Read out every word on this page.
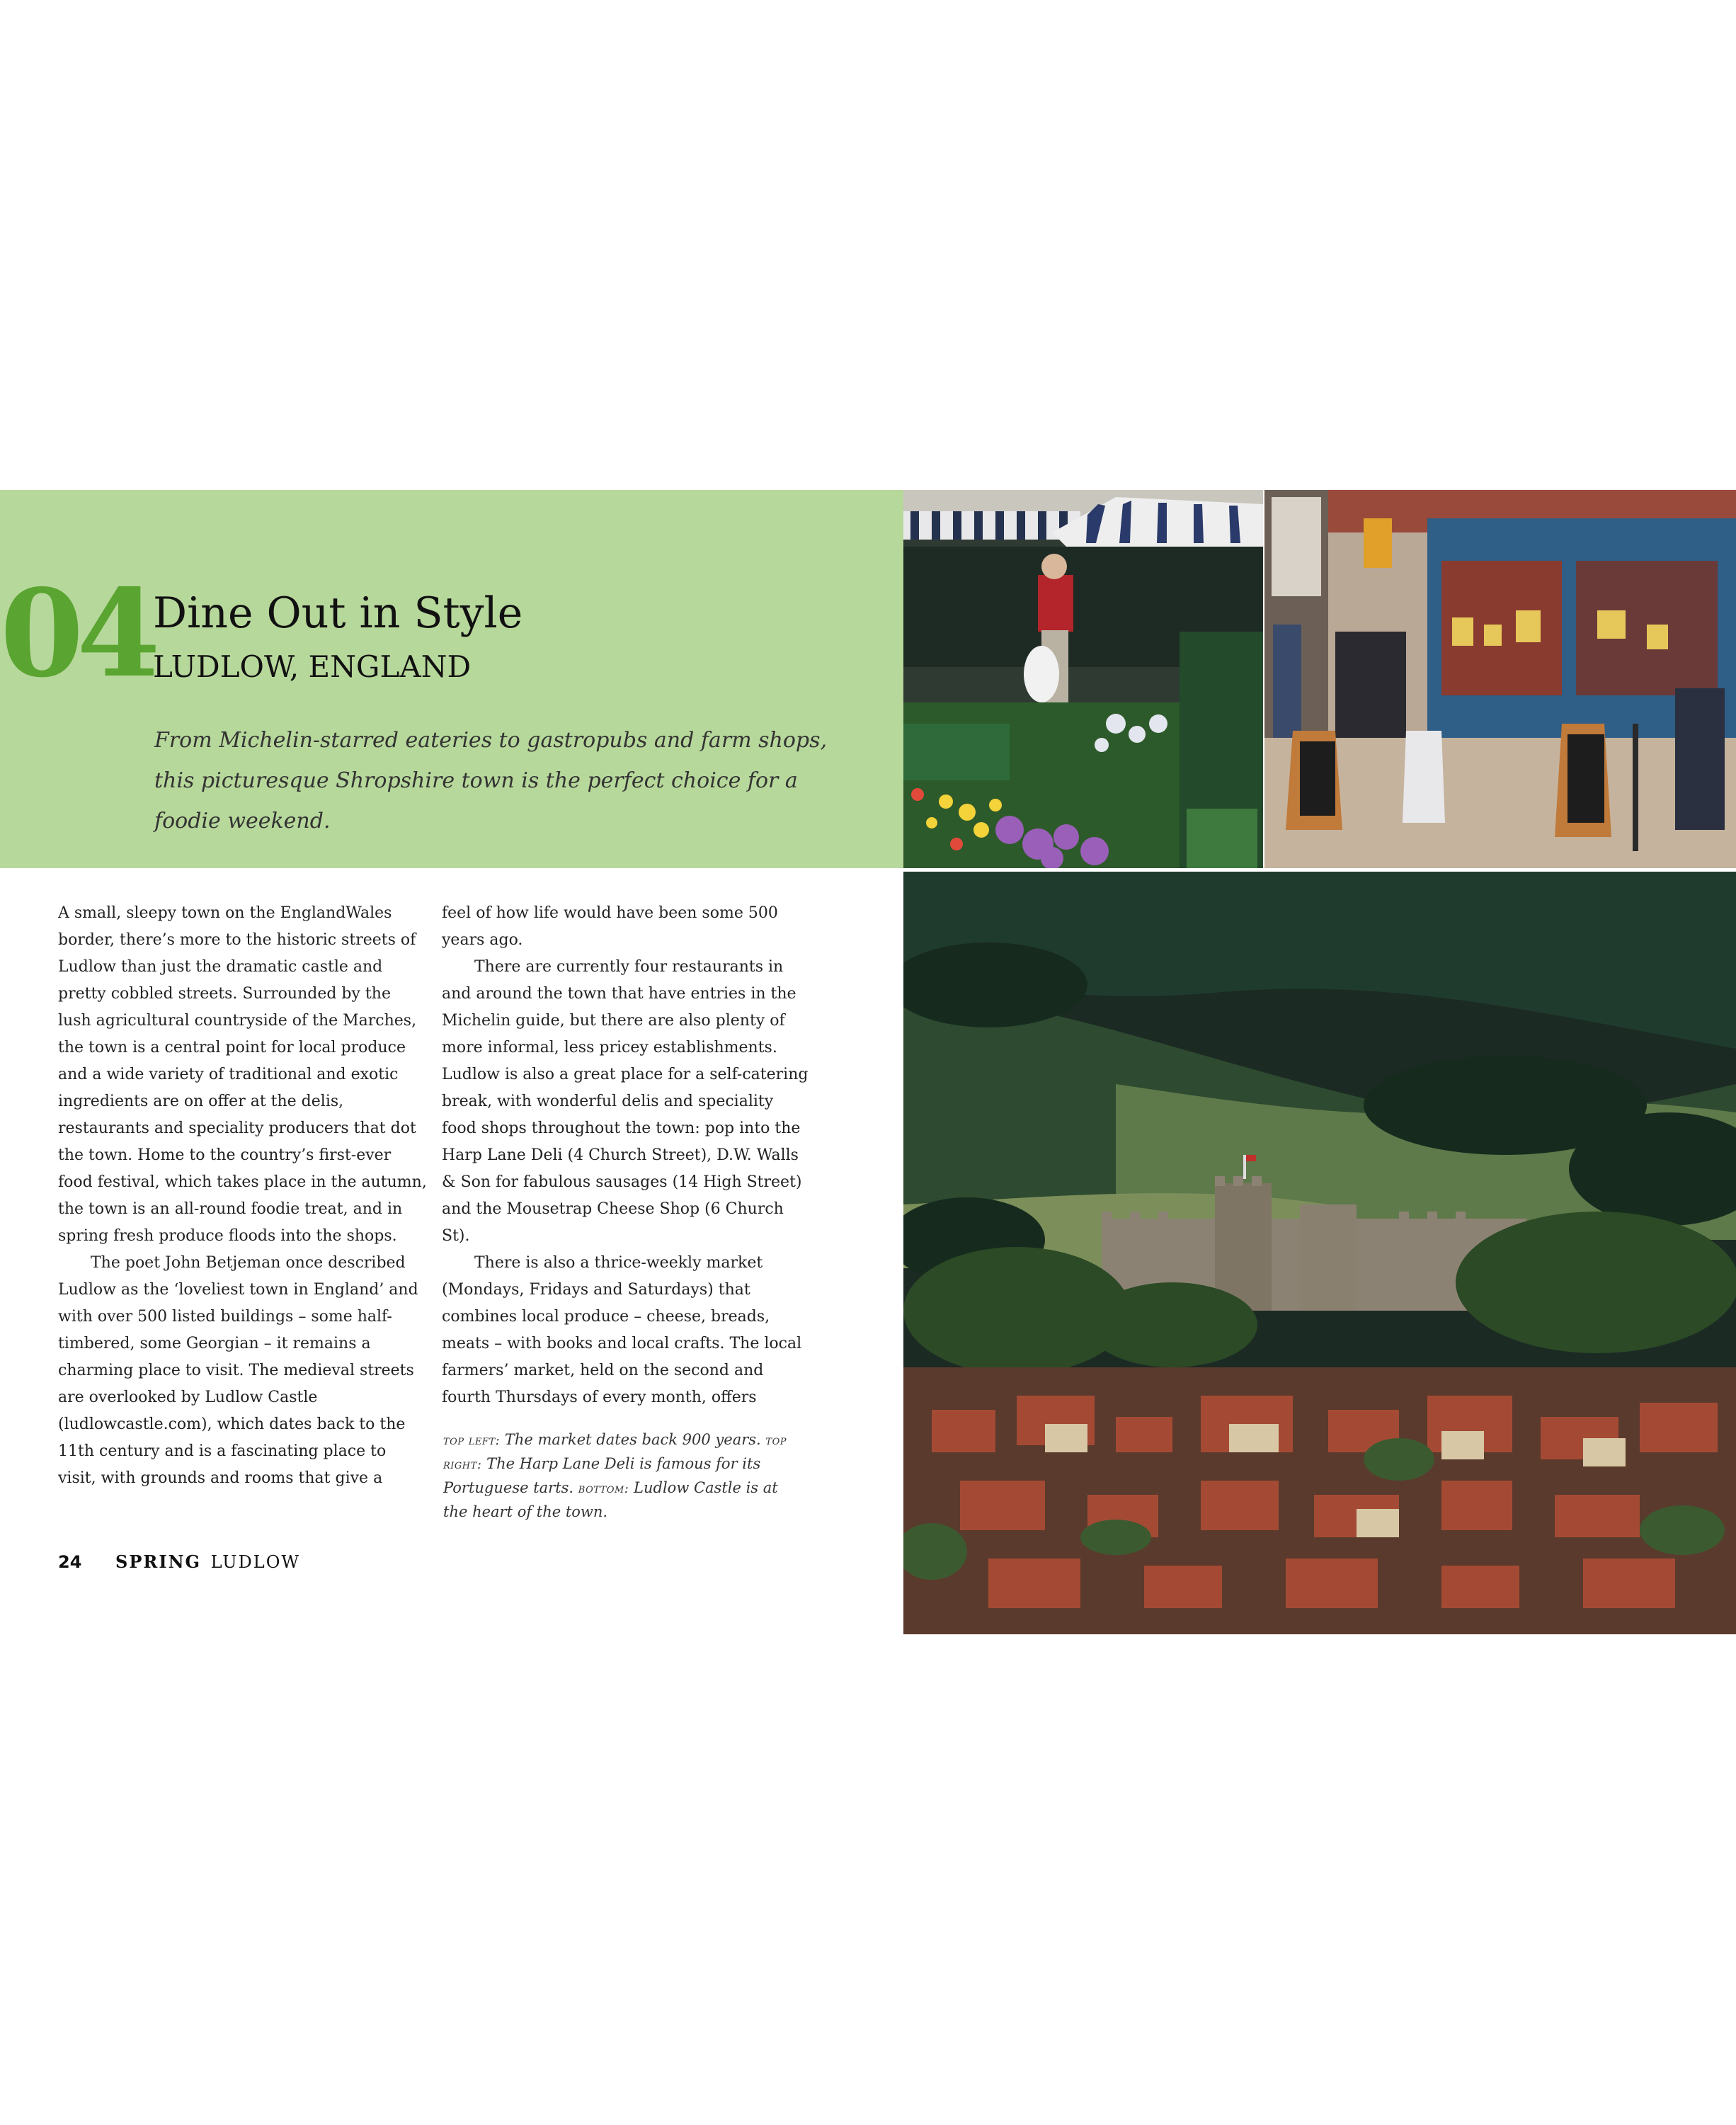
04 Dine Out in Style
LUDLOW, ENGLAND
From Michelin-starred eateries to gastropubs and farm shops,
this picturesque Shropshire town is the perfect choice for a
foodie weekend.

A small, sleepy town on the EnglandWales border, there’s more to the historic streets of Ludlow than just the dramatic castle and pretty cobbled streets. Surrounded by the lush agricultural countryside of the Marches, the town is a central point for local produce and a wide variety of traditional and exotic ingredients are on offer at the delis, restaurants and speciality producers that dot the town. Home to the country’s first-ever food festival, which takes place in the autumn, the town is an all-round foodie treat, and in spring fresh produce floods into the shops.

The poet John Betjeman once described Ludlow as the ‘loveliest town in England’ and with over 500 listed buildings – some half-timbered, some Georgian – it remains a charming place to visit. The medieval streets are overlooked by Ludlow Castle (ludlowcastle.com), which dates back to the 11th century and is a fascinating place to visit, with grounds and rooms that give a

feel of how life would have been some 500 years ago.

There are currently four restaurants in and around the town that have entries in the Michelin guide, but there are also plenty of more informal, less pricey establishments. Ludlow is also a great place for a self-catering break, with wonderful delis and speciality food shops throughout the town: pop into the Harp Lane Deli (4 Church Street), D.W. Walls & Son for fabulous sausages (14 High Street) and the Mousetrap Cheese Shop (6 Church St).

There is also a thrice-weekly market (Mondays, Fridays and Saturdays) that combines local produce – cheese, breads, meats – with books and local crafts. The local farmers’ market, held on the second and fourth Thursdays of every month, offers

top left: The market dates back 900 years. top right: The Harp Lane Deli is famous for its Portuguese tarts. bottom: Ludlow Castle is at the heart of the town.
24 SPRING LUDLOW
